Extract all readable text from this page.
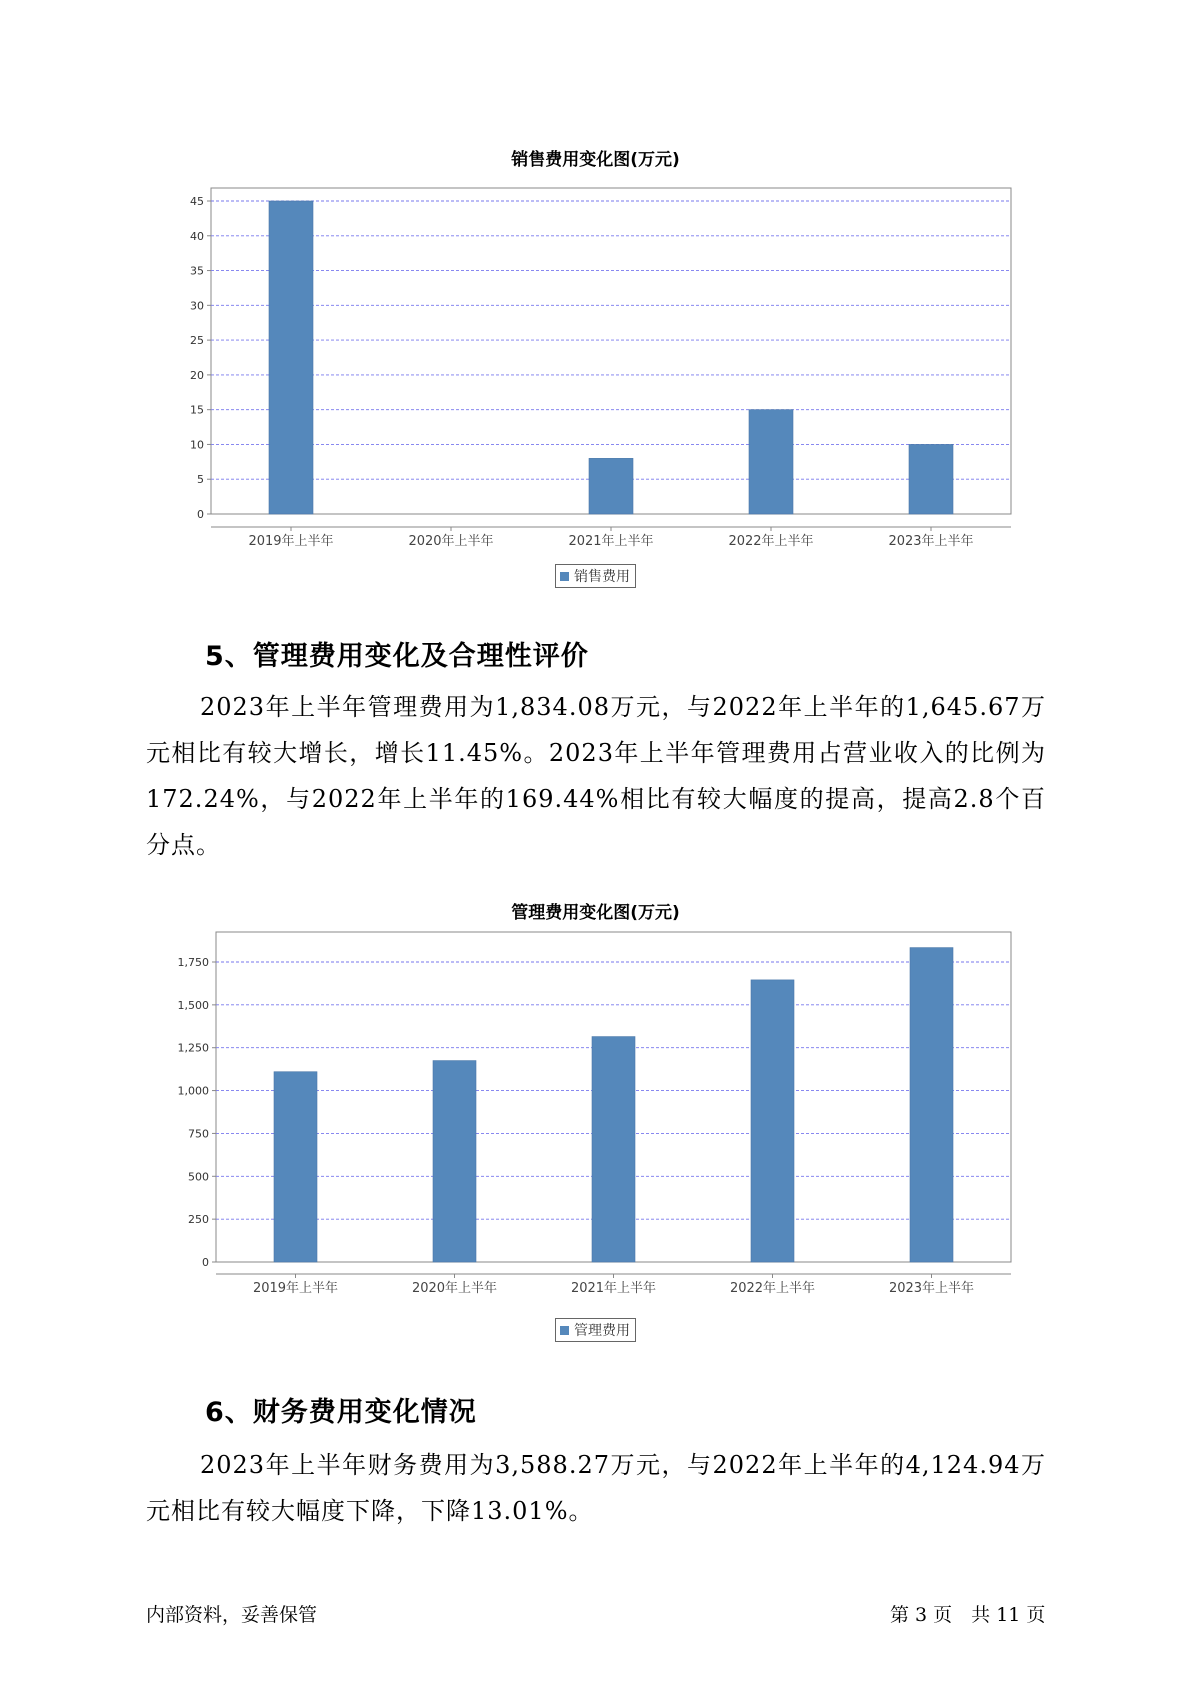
销售费用变化图(万元)
0
5
10
15
20
25
30
35
40
45
2019年上半年	2020年上半年	2021年上半年	2022年上半年	2023年上半年
销售费用
5、管理费用变化及合理性评价

2023年上半年管理费用为1,834.08万元，与2022年上半年的1,645.67万元相比有较大增长，增长11.45%。2023年上半年管理费用占营业收入的比例为172.24%，与2022年上半年的169.44%相比有较大幅度的提高，提高2.8个百分点。

管理费用变化图(万元)
0
250
500
750
1,000
1,250
1,500
1,750
2019年上半年	2020年上半年	2021年上半年	2022年上半年	2023年上半年
管理费用
6、财务费用变化情况

2023年上半年财务费用为3,588.27万元，与2022年上半年的4,124.94万元相比有较大幅度下降，下降13.01%。

内部资料，妥善保管	第 3 页　共 11 页
